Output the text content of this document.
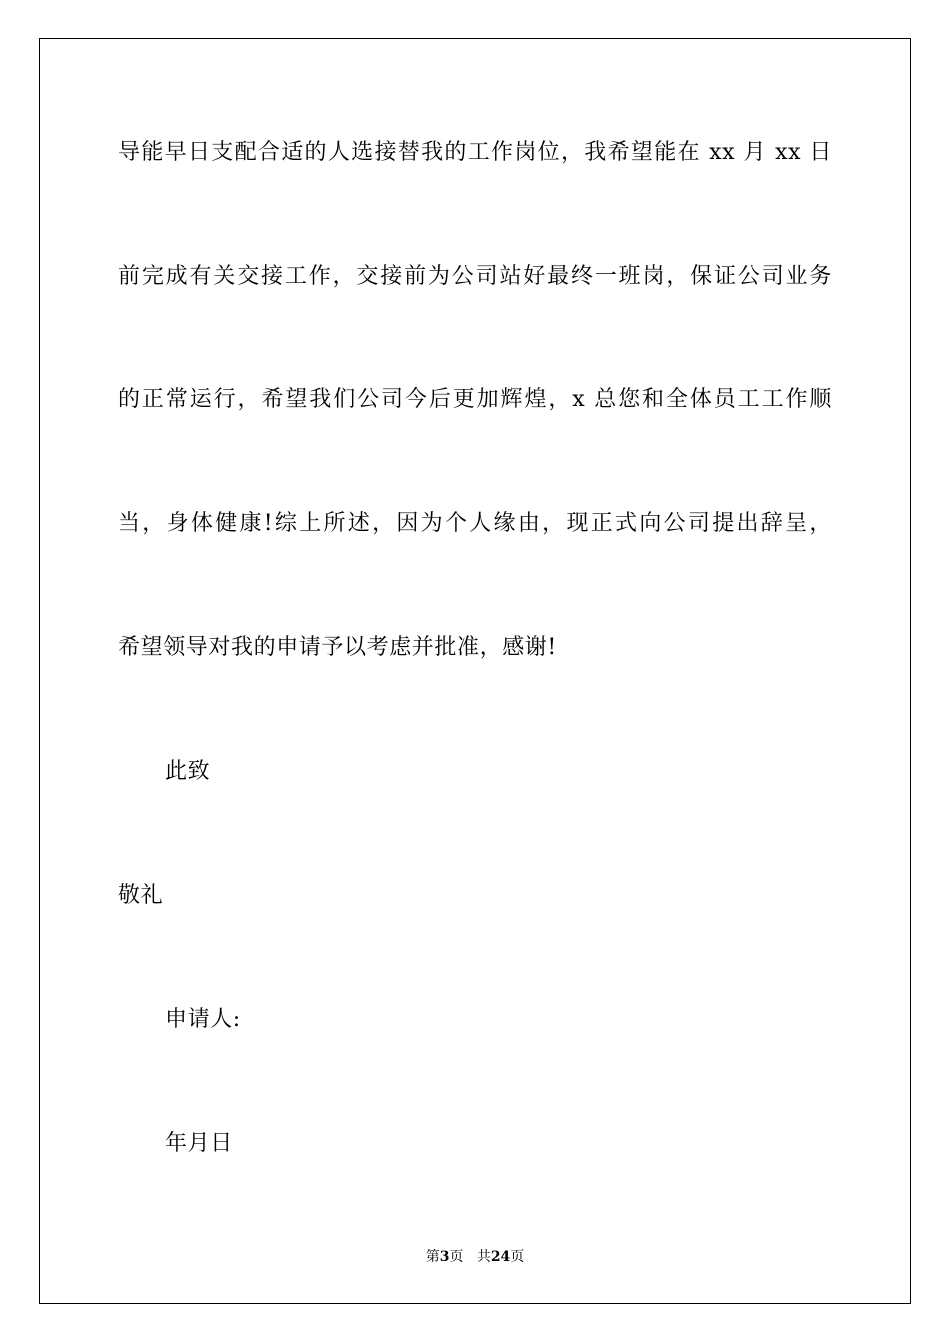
导能早日支配合适的人选接替我的工作岗位，我希望能在 xx 月 xx 日
前完成有关交接工作，交接前为公司站好最终一班岗，保证公司业务
的正常运行，希望我们公司今后更加辉煌，x 总您和全体员工工作顺
当，身体健康!综上所述，因为个人缘由，现正式向公司提出辞呈，
希望领导对我的申请予以考虑并批准，感谢!
此致
敬礼
申请人:
年月日
第3页 共24页
